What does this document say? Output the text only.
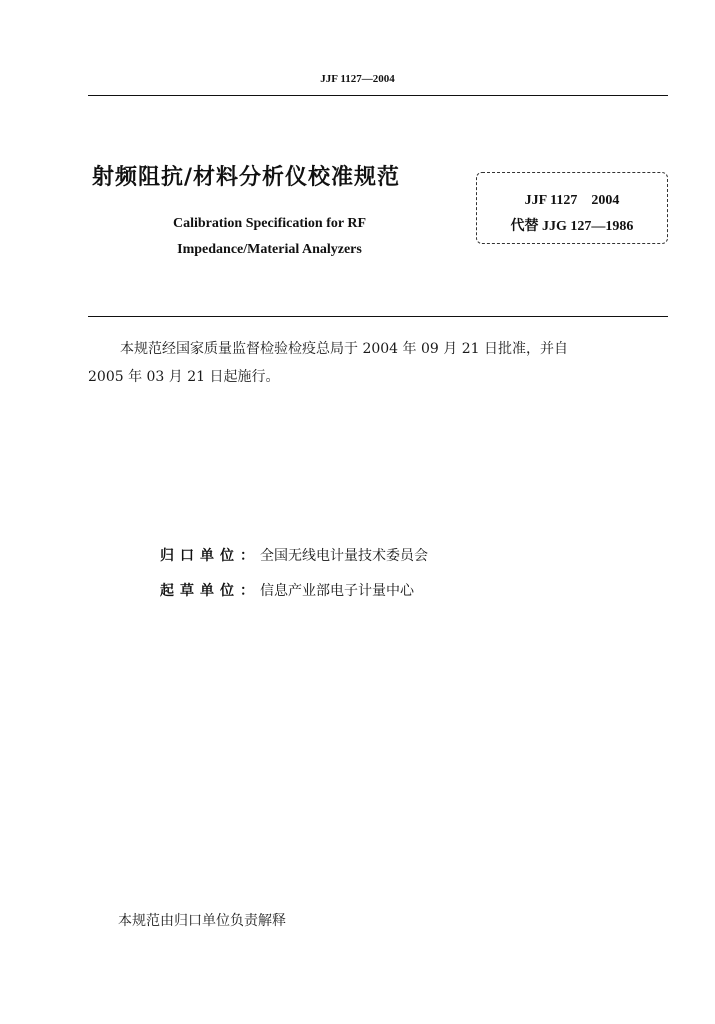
JJF 1127—2004
射频阻抗/材料分析仪校准规范
Calibration Specification for RF
Impedance/Material Analyzers
JJF 1127　2004
代替 JJG 127—1986
本规范经国家质量监督检验检疫总局于 2004 年 09 月 21 日批准，并自
2005 年 03 月 21 日起施行。
归口单位：全国无线电计量技术委员会
起草单位：信息产业部电子计量中心
本规范由归口单位负责解释
